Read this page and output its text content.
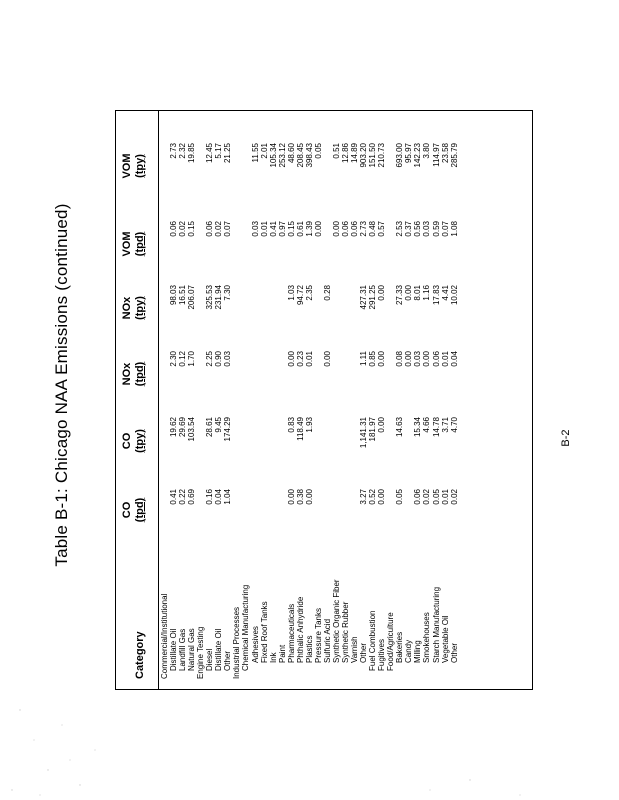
Table B-1: Chicago NAA Emissions (continued)
Category
CO (tpd)
CO (tpy)
NOx (tpd)
NOx (tpy)
VOM (tpd)
VOM (tpy)
Commercial/Institutional Distillate Oil
0.41
19.62
2.30
98.03
0.06
2.73
Landfill Gas
0.22
29.69
0.12
16.51
0.02
2.32
Natural Gas
0.69
103.54
1.70
206.07
0.15
19.85
Engine Testing Diesel
0.16
28.61
2.25
325.53
0.06
12.45
Distillate Oil
0.04
9.45
0.90
231.94
0.02
5.17
Other
1.04
174.29
0.03
7.30
0.07
21.25
Industrial Processes Chemical Manufacturing Adhesives
0.03
11.55
Fixed Roof Tanks
0.01
2.01
Ink
0.41
105.34
Paint
0.97
253.12
Pharmaceuticals
0.00
0.83
0.00
1.03
0.15
48.60
Phthalic Anhydride
0.38
118.49
0.23
94.72
0.61
208.45
Plastics
0.00
1.93
0.01
2.35
1.39
398.43
Pressure Tanks
0.00
0.05
Sulfuric Acid
0.00
0.28
Synthetic Organic Fiber
0.00
0.51
Synthetic Rubber
0.06
12.86
Varnish
0.06
14.89
Other
3.27
1,141.31
1.11
427.31
2.73
903.20
Fuel Combustion
0.52
181.97
0.85
291.25
0.48
151.50
Fugitives
0.00
0.00
0.00
0.00
0.57
210.73
Food/Agriculture Bakeries
0.05
14.63
0.08
27.33
2.53
693.00
Candy
0.00
0.00
0.37
95.97
Milling
0.06
15.34
0.03
8.01
0.56
142.23
Smokehouses
0.02
4.66
0.00
1.16
0.03
3.80
Starch Manufacturing
0.05
14.78
0.06
17.83
0.59
114.97
Vegetable Oil
0.01
3.71
0.01
4.41
0.07
23.58
Other
0.02
4.70
0.04
10.02
1.08
285.79
B-2
